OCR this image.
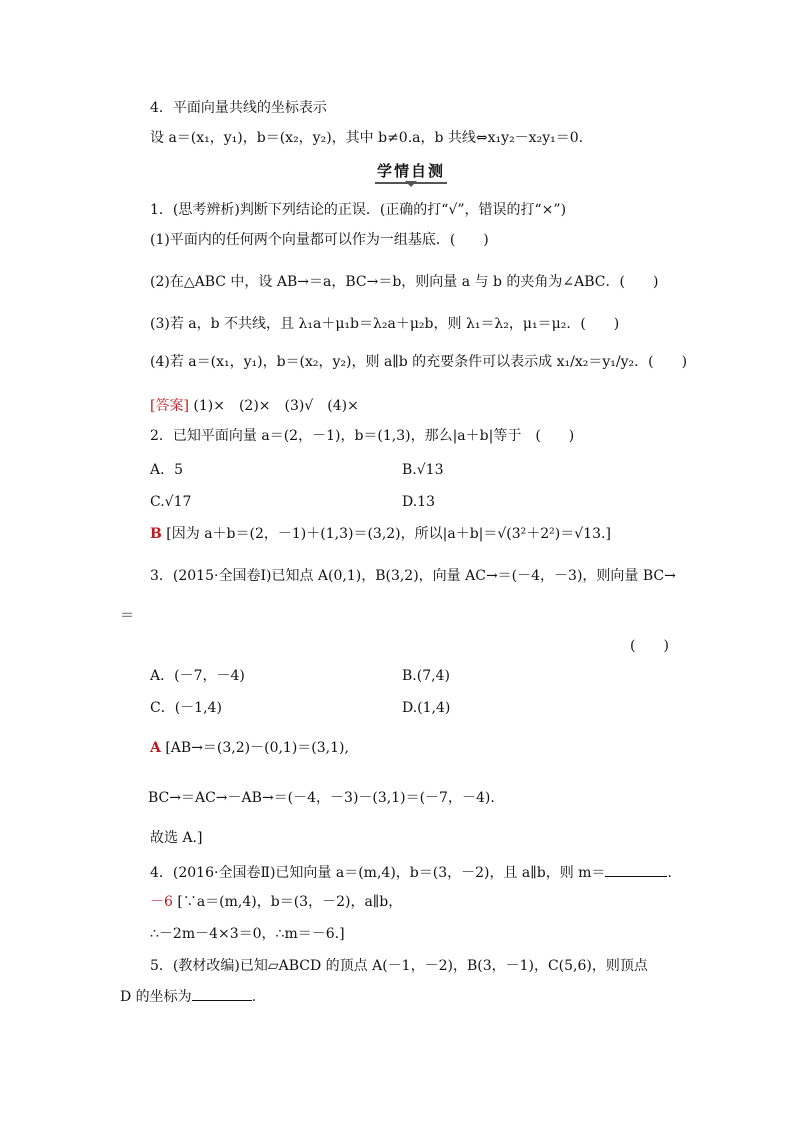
4．平面向量共线的坐标表示
设 a＝(x₁，y₁)，b＝(x₂，y₂)，其中 b≠0.a，b 共线⇔x₁y₂－x₂y₁＝0.
学情自测
1．(思考辨析)判断下列结论的正误．(正确的打“√”，错误的打“×”)
(1)平面内的任何两个向量都可以作为一组基底．(　　)
(2)在△ABC 中，设 AB→＝a，BC→＝b，则向量 a 与 b 的夹角为∠ABC．(　　)
(3)若 a，b 不共线，且 λ₁a＋μ₁b＝λ₂a＋μ₂b，则 λ₁＝λ₂，μ₁＝μ₂．(　　)
(4)若 a＝(x₁，y₁)，b＝(x₂，y₂)，则 a∥b 的充要条件可以表示成 x₁/x₂＝y₁/y₂．(　　)
[答案] (1)×　(2)×　(3)√　(4)×
2．已知平面向量 a＝(2，－1)，b＝(1,3)，那么|a＋b|等于　(　　)
A．5	B.√13
C.√17	D.13
B [因为 a＋b＝(2，－1)＋(1,3)＝(3,2)，所以|a＋b|＝√(3²＋2²)＝√13.]
3．(2015·全国卷Ⅰ)已知点 A(0,1)，B(3,2)，向量 AC→＝(－4，－3)，则向量 BC→
＝
(　　)
A．(－7，－4)	B.(7,4)
C．(－1,4)	D.(1,4)
A [AB→＝(3,2)－(0,1)＝(3,1),
BC→＝AC→－AB→＝(－4，－3)－(3,1)＝(－7，－4).
故选 A.]
4．(2016·全国卷Ⅱ)已知向量 a＝(m,4)，b＝(3，－2)，且 a∥b，则 m＝	.
－6 [∵a＝(m,4)，b＝(3，－2)，a∥b，
∴－2m－4×3＝0，∴m＝－6.]
5．(教材改编)已知▱ABCD 的顶点 A(－1，－2)，B(3，－1)，C(5,6)，则顶点
D 的坐标为	.
